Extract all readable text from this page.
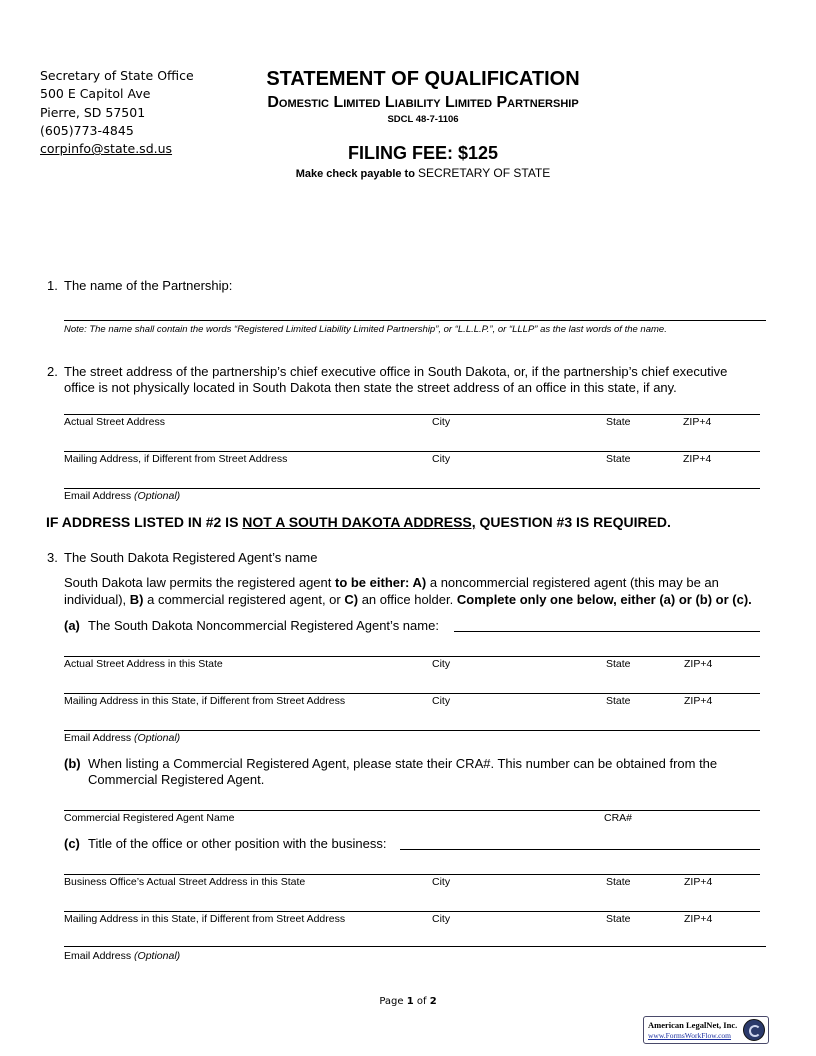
Secretary of State Office
500 E Capitol Ave
Pierre, SD 57501
(605)773-4845
corpinfo@state.sd.us
STATEMENT OF QUALIFICATION
Domestic Limited Liability Limited Partnership
SDCL 48-7-1106
FILING FEE: $125
Make check payable to SECRETARY OF STATE
1. The name of the Partnership:
Note: The name shall contain the words “Registered Limited Liability Limited Partnership”, or “L.L.L.P.”, or “LLLP” as the last words of the name.
2. The street address of the partnership’s chief executive office in South Dakota, or, if the partnership’s chief executive
office is not physically located in South Dakota then state the street address of an office in this state, if any.
Actual Street Address	City	State	ZIP+4
Mailing Address, if Different from Street Address	City	State	ZIP+4
Email Address (Optional)
IF ADDRESS LISTED IN #2 IS NOT A SOUTH DAKOTA ADDRESS, QUESTION #3 IS REQUIRED.
3. The South Dakota Registered Agent’s name
South Dakota law permits the registered agent to be either: A) a noncommercial registered agent (this may be an
individual), B) a commercial registered agent, or C) an office holder. Complete only one below, either (a) or (b) or (c).
(a) The South Dakota Noncommercial Registered Agent’s name:
Actual Street Address in this State	City	State	ZIP+4
Mailing Address in this State, if Different from Street Address	City	State	ZIP+4
Email Address (Optional)
(b) When listing a Commercial Registered Agent, please state their CRA#. This number can be obtained from the
Commercial Registered Agent.
Commercial Registered Agent Name	CRA#
(c) Title of the office or other position with the business:
Business Office’s Actual Street Address in this State	City	State	ZIP+4
Mailing Address in this State, if Different from Street Address	City	State	ZIP+4
Email Address (Optional)
Page 1 of 2
American LegalNet, Inc.
www.FormsWorkFlow.com
